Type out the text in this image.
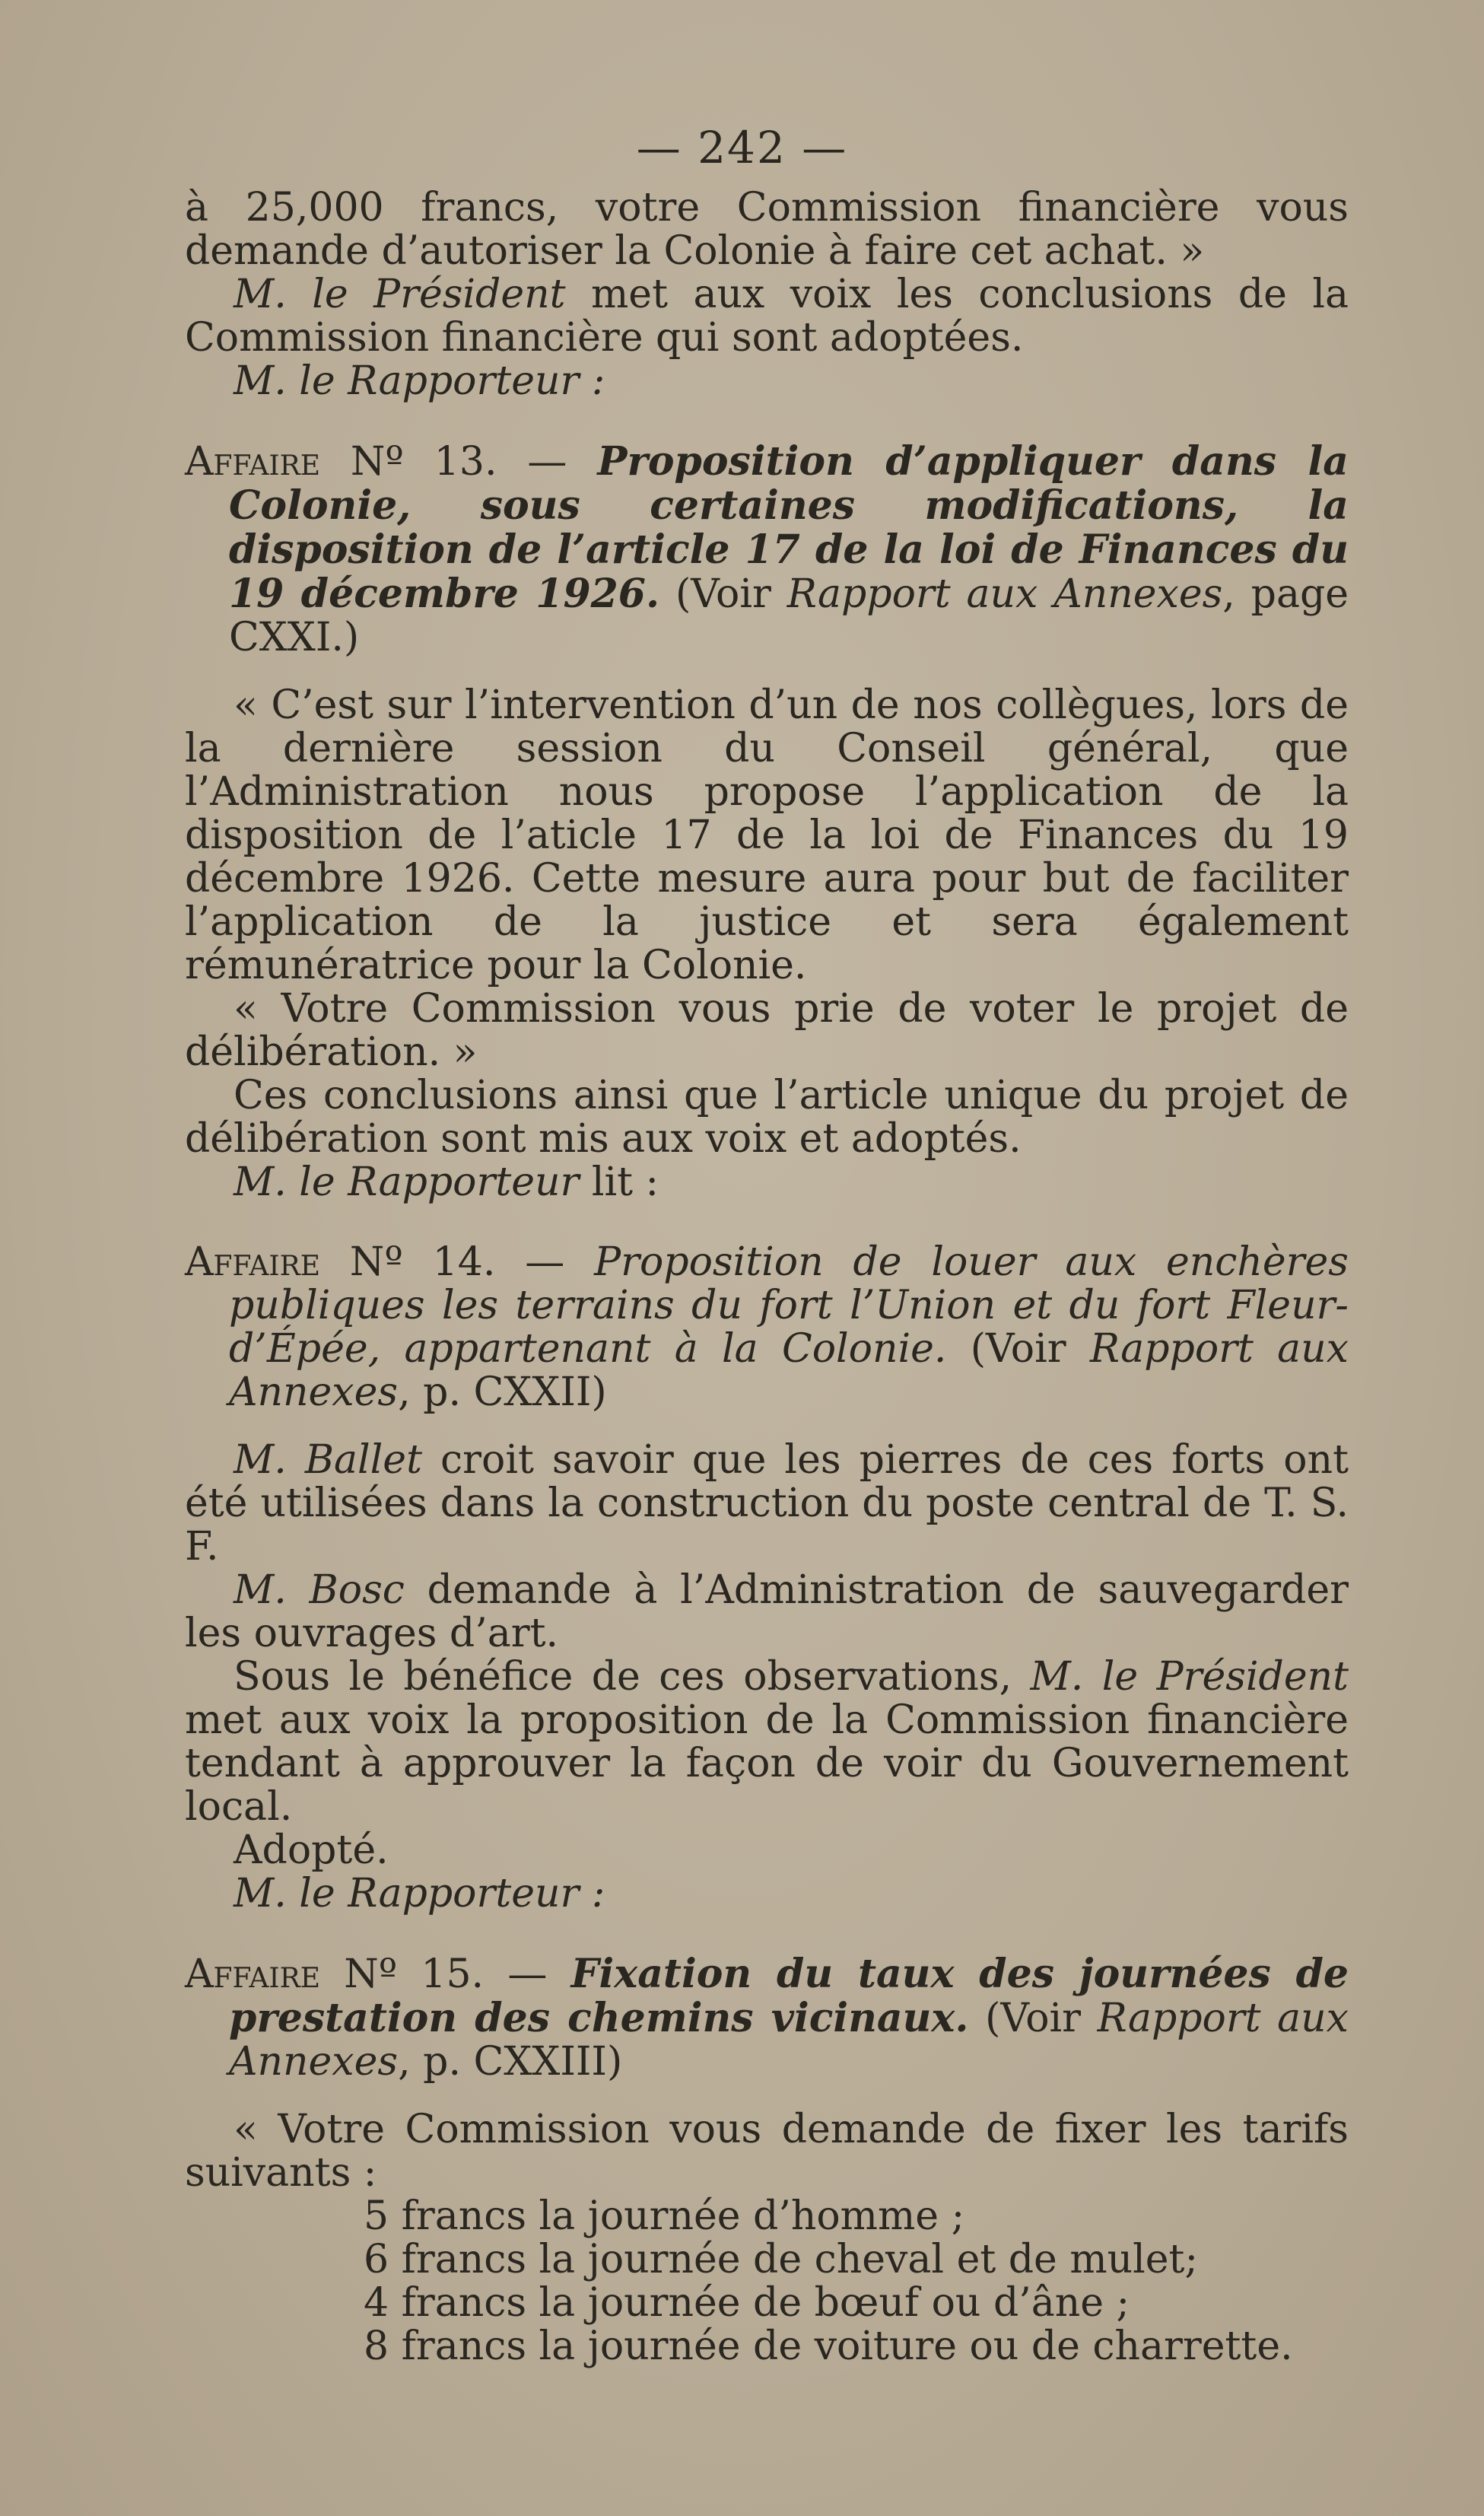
— 242 —

à 25,000 francs, votre Commission financière vous demande d’autoriser la Colonie à faire cet achat. »

M. le Président met aux voix les conclusions de la Commission financière qui sont adoptées.

M. le Rapporteur :

Affaire Nº 13. — Proposition d’appliquer dans la Colonie, sous certaines modifications, la disposition de l’article 17 de la loi de Finances du 19 décembre 1926. (Voir Rapport aux Annexes, page CXXI.)

« C’est sur l’intervention d’un de nos collègues, lors de la dernière session du Conseil général, que l’Administration nous propose l’application de la disposition de l’aticle 17 de la loi de Finances du 19 décembre 1926. Cette mesure aura pour but de faciliter l’application de la justice et sera également rémunératrice pour la Colonie.

« Votre Commission vous prie de voter le projet de délibération. »

Ces conclusions ainsi que l’article unique du projet de délibération sont mis aux voix et adoptés.

M. le Rapporteur lit :

Affaire Nº 14. — Proposition de louer aux enchères publiques les terrains du fort l’Union et du fort Fleur-d’Épée, appartenant à la Colonie. (Voir Rapport aux Annexes, p. CXXII)

M. Ballet croit savoir que les pierres de ces forts ont été utilisées dans la construction du poste central de T. S. F.

M. Bosc demande à l’Administration de sauvegarder les ouvrages d’art.

Sous le bénéfice de ces observations, M. le Président met aux voix la proposition de la Commission financière tendant à approuver la façon de voir du Gouvernement local.

Adopté.

M. le Rapporteur :

Affaire Nº 15. — Fixation du taux des journées de prestation des chemins vicinaux. (Voir Rapport aux Annexes, p. CXXIII)

« Votre Commission vous demande de fixer les tarifs suivants :

5 francs la journée d’homme ;

6 francs la journée de cheval et de mulet;

4 francs la journée de bœuf ou d’âne ;

8 francs la journée de voiture ou de charrette.
